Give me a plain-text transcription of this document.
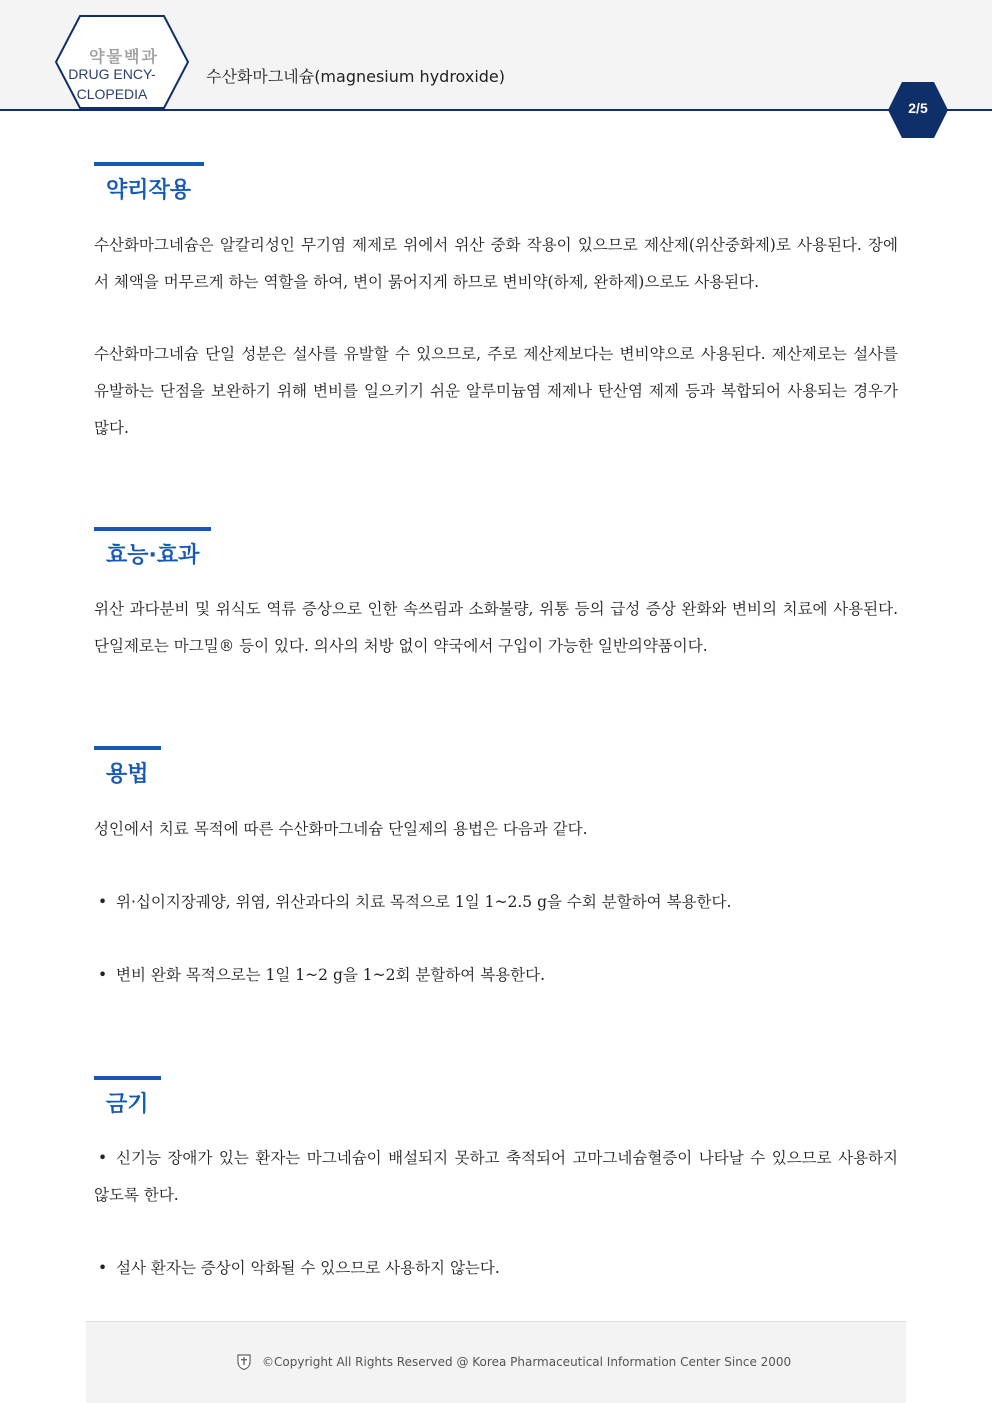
약물백과
DRUG ENCY-
CLOPEDIA
수산화마그네슘(magnesium hydroxide)
2/5
약리작용
수산화마그네슘은 알칼리성인 무기염 제제로 위에서 위산 중화 작용이 있으므로 제산제(위산중화제)로 사용된다. 장에서 체액을 머무르게 하는 역할을 하여, 변이 묽어지게 하므로 변비약(하제, 완하제)으로도 사용된다.
수산화마그네슘 단일 성분은 설사를 유발할 수 있으므로, 주로 제산제보다는 변비약으로 사용된다. 제산제로는 설사를 유발하는 단점을 보완하기 위해 변비를 일으키기 쉬운 알루미늄염 제제나 탄산염 제제 등과 복합되어 사용되는 경우가 많다.
효능·효과
위산 과다분비 및 위식도 역류 증상으로 인한 속쓰림과 소화불량, 위통 등의 급성 증상 완화와 변비의 치료에 사용된다. 단일제로는 마그밀® 등이 있다. 의사의 처방 없이 약국에서 구입이 가능한 일반의약품이다.
용법
성인에서 치료 목적에 따른 수산화마그네슘 단일제의 용법은 다음과 같다.
• 위·십이지장궤양, 위염, 위산과다의 치료 목적으로 1일 1~2.5 g을 수회 분할하여 복용한다.
• 변비 완화 목적으로는 1일 1~2 g을 1~2회 분할하여 복용한다.
금기
• 신기능 장애가 있는 환자는 마그네슘이 배설되지 못하고 축적되어 고마그네슘혈증이 나타날 수 있으므로 사용하지 않도록 한다.
• 설사 환자는 증상이 악화될 수 있으므로 사용하지 않는다.
©Copyright All Rights Reserved @ Korea Pharmaceutical Information Center Since 2000
